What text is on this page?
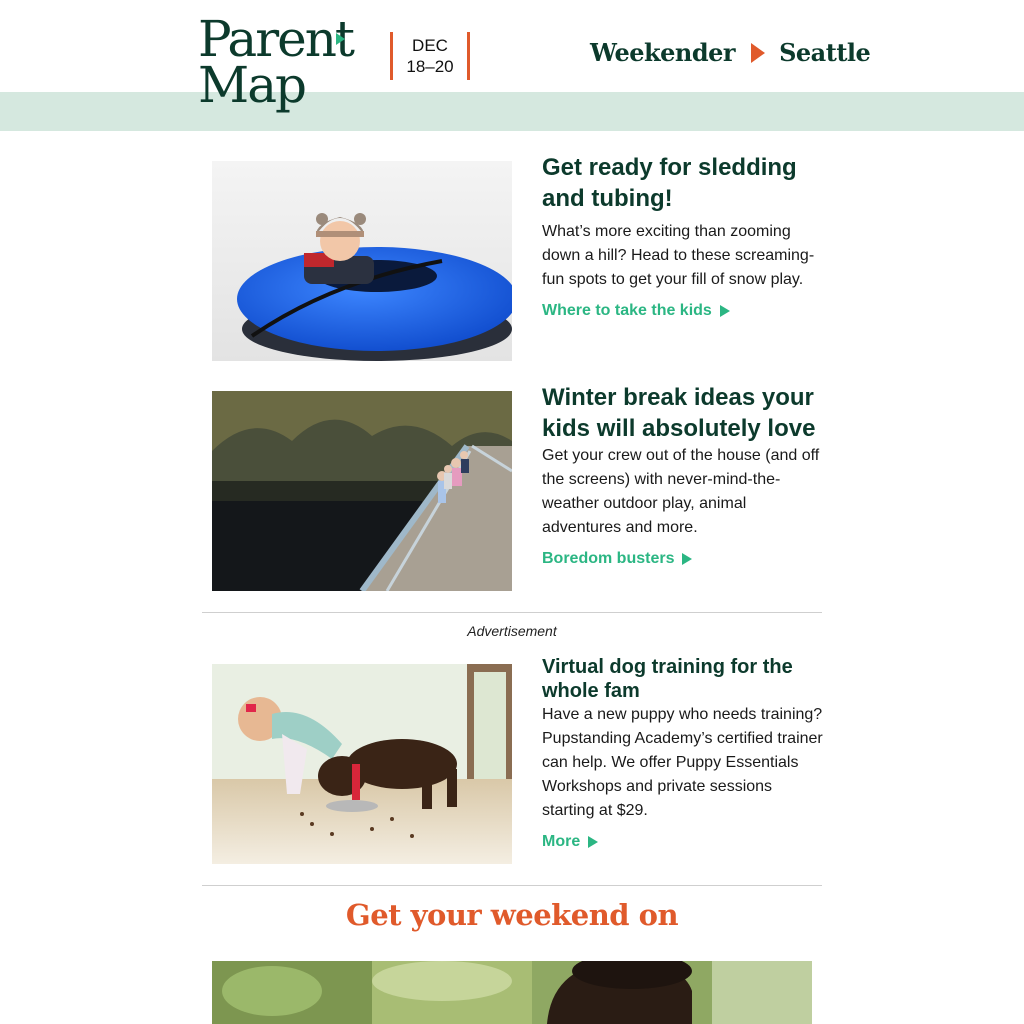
Parent
Map
DEC
18–20	Weekender Seattle
Get ready for sledding and tubing!

What’s more exciting than zooming down a hill? Head to these screaming-fun spots to get your fill of snow play.

Where to take the kids
Winter break ideas your kids will absolutely love

Get your crew out of the house (and off the screens) with never-mind-the-weather outdoor play, animal adventures and more.

Boredom busters
Advertisement
Virtual dog training for the whole fam

Have a new puppy who needs training? Pupstanding Academy’s certified trainer can help. We offer Puppy Essentials Workshops and private sessions starting at $29.

More
Get your weekend on
